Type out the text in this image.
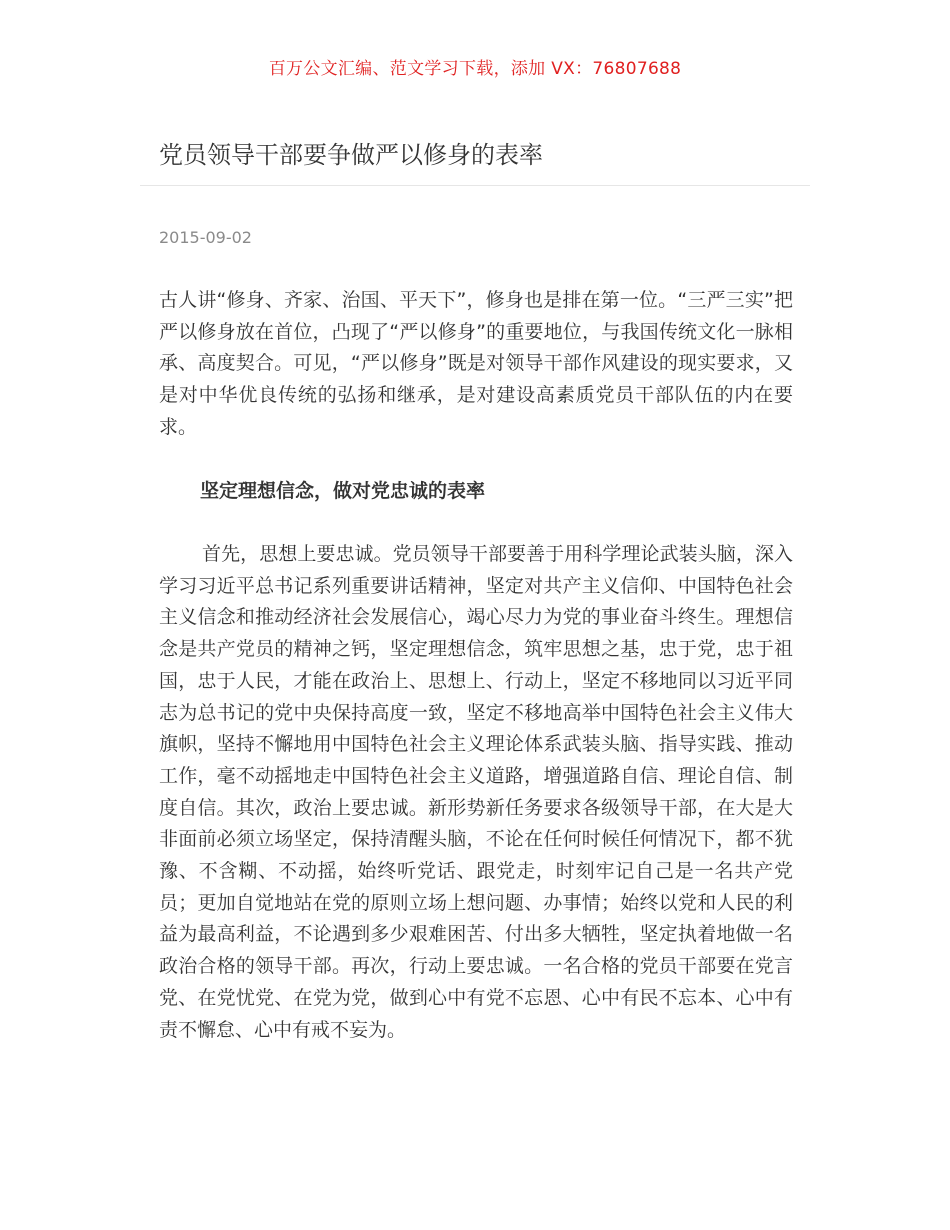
百万公文汇编、范文学习下载，添加 VX：76807688
党员领导干部要争做严以修身的表率
2015-09-02

古人讲“修身、齐家、治国、平天下”，修身也是排在第一位。“三严三实”把严以修身放在首位，凸现了“严以修身”的重要地位，与我国传统文化一脉相承、高度契合。可见，“严以修身”既是对领导干部作风建设的现实要求，又是对中华优良传统的弘扬和继承，是对建设高素质党员干部队伍的内在要求。

坚定理想信念，做对党忠诚的表率

首先，思想上要忠诚。党员领导干部要善于用科学理论武装头脑，深入学习习近平总书记系列重要讲话精神，坚定对共产主义信仰、中国特色社会主义信念和推动经济社会发展信心，竭心尽力为党的事业奋斗终生。理想信念是共产党员的精神之钙，坚定理想信念，筑牢思想之基，忠于党，忠于祖国，忠于人民，才能在政治上、思想上、行动上，坚定不移地同以习近平同志为总书记的党中央保持高度一致，坚定不移地高举中国特色社会主义伟大旗帜，坚持不懈地用中国特色社会主义理论体系武装头脑、指导实践、推动工作，毫不动摇地走中国特色社会主义道路，增强道路自信、理论自信、制度自信。其次，政治上要忠诚。新形势新任务要求各级领导干部，在大是大非面前必须立场坚定，保持清醒头脑，不论在任何时候任何情况下，都不犹豫、不含糊、不动摇，始终听党话、跟党走，时刻牢记自己是一名共产党员；更加自觉地站在党的原则立场上想问题、办事情；始终以党和人民的利益为最高利益，不论遇到多少艰难困苦、付出多大牺牲，坚定执着地做一名政治合格的领导干部。再次，行动上要忠诚。一名合格的党员干部要在党言党、在党忧党、在党为党，做到心中有党不忘恩、心中有民不忘本、心中有责不懈怠、心中有戒不妄为。
